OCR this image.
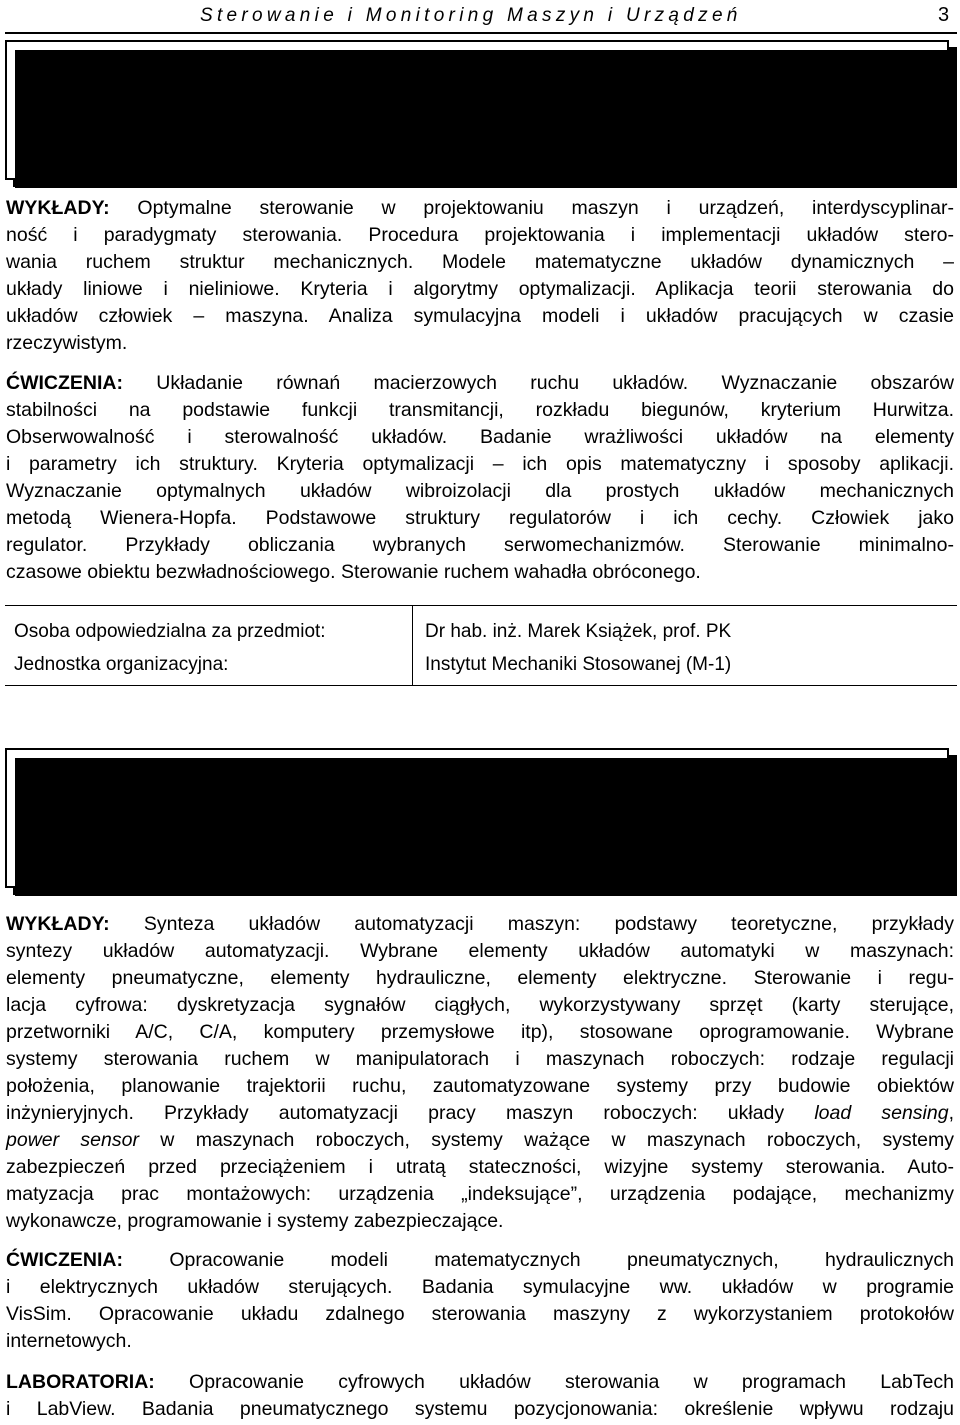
Sterowanie i Monitoring Maszyn i Urządzeń	3
Kierunek/Specjalność:	AiR / Sterowanie i Monitoring Maszyn i Urządzeń
Tytuł przedmiotu:	Optymalne sterowanie ruchem
Semestr, wymiar godz., pkt.:	VIII W1, C1 (2 pkt.)
WYKŁADY: Optymalne sterowanie w projektowaniu maszyn i urządzeń, interdyscyplinar-
ność i paradygmaty sterowania. Procedura projektowania i implementacji układów stero-
wania ruchem struktur mechanicznych. Modele matematyczne układów dynamicznych –
układy liniowe i nieliniowe. Kryteria i algorytmy optymalizacji. Aplikacja teorii sterowania do
układów człowiek – maszyna. Analiza symulacyjna modeli i układów pracujących w czasie
rzeczywistym.
ĆWICZENIA: Układanie równań macierzowych ruchu układów. Wyznaczanie obszarów
stabilności na podstawie funkcji transmitancji, rozkładu biegunów, kryterium Hurwitza.
Obserwowalność i sterowalność układów. Badanie wrażliwości układów na elementy
i parametry ich struktury. Kryteria optymalizacji – ich opis matematyczny i sposoby aplikacji.
Wyznaczanie optymalnych układów wibroizolacji dla prostych układów mechanicznych
metodą Wienera-Hopfa. Podstawowe struktury regulatorów i ich cechy. Człowiek jako
regulator. Przykłady obliczania wybranych serwomechanizmów. Sterowanie minimalno-
czasowe obiektu bezwładnościowego. Sterowanie ruchem wahadła obróconego.
Osoba odpowiedzialna za przedmiot:	Dr hab. inż. Marek Książek, prof. PK
Jednostka organizacyjna:	Instytut Mechaniki Stosowanej (M-1)
Kierunek/Specjalność:	AiR / Sterowanie i Monitoring Maszyn i Urządzeń
Tytuł przedmiotu:	Sterowanie i automatyzacja maszyn
Semestr, wymiar godz., pkt.:	VIII $W^E2$, C1, L2 (6 pkt.)
WYKŁADY: Synteza układów automatyzacji maszyn: podstawy teoretyczne, przykłady
syntezy układów automatyzacji. Wybrane elementy układów automatyki w maszynach:
elementy pneumatyczne, elementy hydrauliczne, elementy elektryczne. Sterowanie i regu-
lacja cyfrowa: dyskretyzacja sygnałów ciągłych, wykorzystywany sprzęt (karty sterujące,
przetworniki A/C, C/A, komputery przemysłowe itp), stosowane oprogramowanie. Wybrane
systemy sterowania ruchem w manipulatorach i maszynach roboczych: rodzaje regulacji
położenia, planowanie trajektorii ruchu, zautomatyzowane systemy przy budowie obiektów
inżynieryjnych. Przykłady automatyzacji pracy maszyn roboczych: układy load sensing,
power sensor w maszynach roboczych, systemy ważące w maszynach roboczych, systemy
zabezpieczeń przed przeciążeniem i utratą stateczności, wizyjne systemy sterowania. Auto-
matyzacja prac montażowych: urządzenia „indeksujące”, urządzenia podające, mechanizmy
wykonawcze, programowanie i systemy zabezpieczające.
ĆWICZENIA: Opracowanie modeli matematycznych pneumatycznych, hydraulicznych
i elektrycznych układów sterujących. Badania symulacyjne ww. układów w programie
VisSim. Opracowanie układu zdalnego sterowania maszyny z wykorzystaniem protokołów
internetowych.
LABORATORIA: Opracowanie cyfrowych układów sterowania w programach LabTech
i LabView. Badania pneumatycznego systemu pozycjonowania: określenie wpływu rodzaju
